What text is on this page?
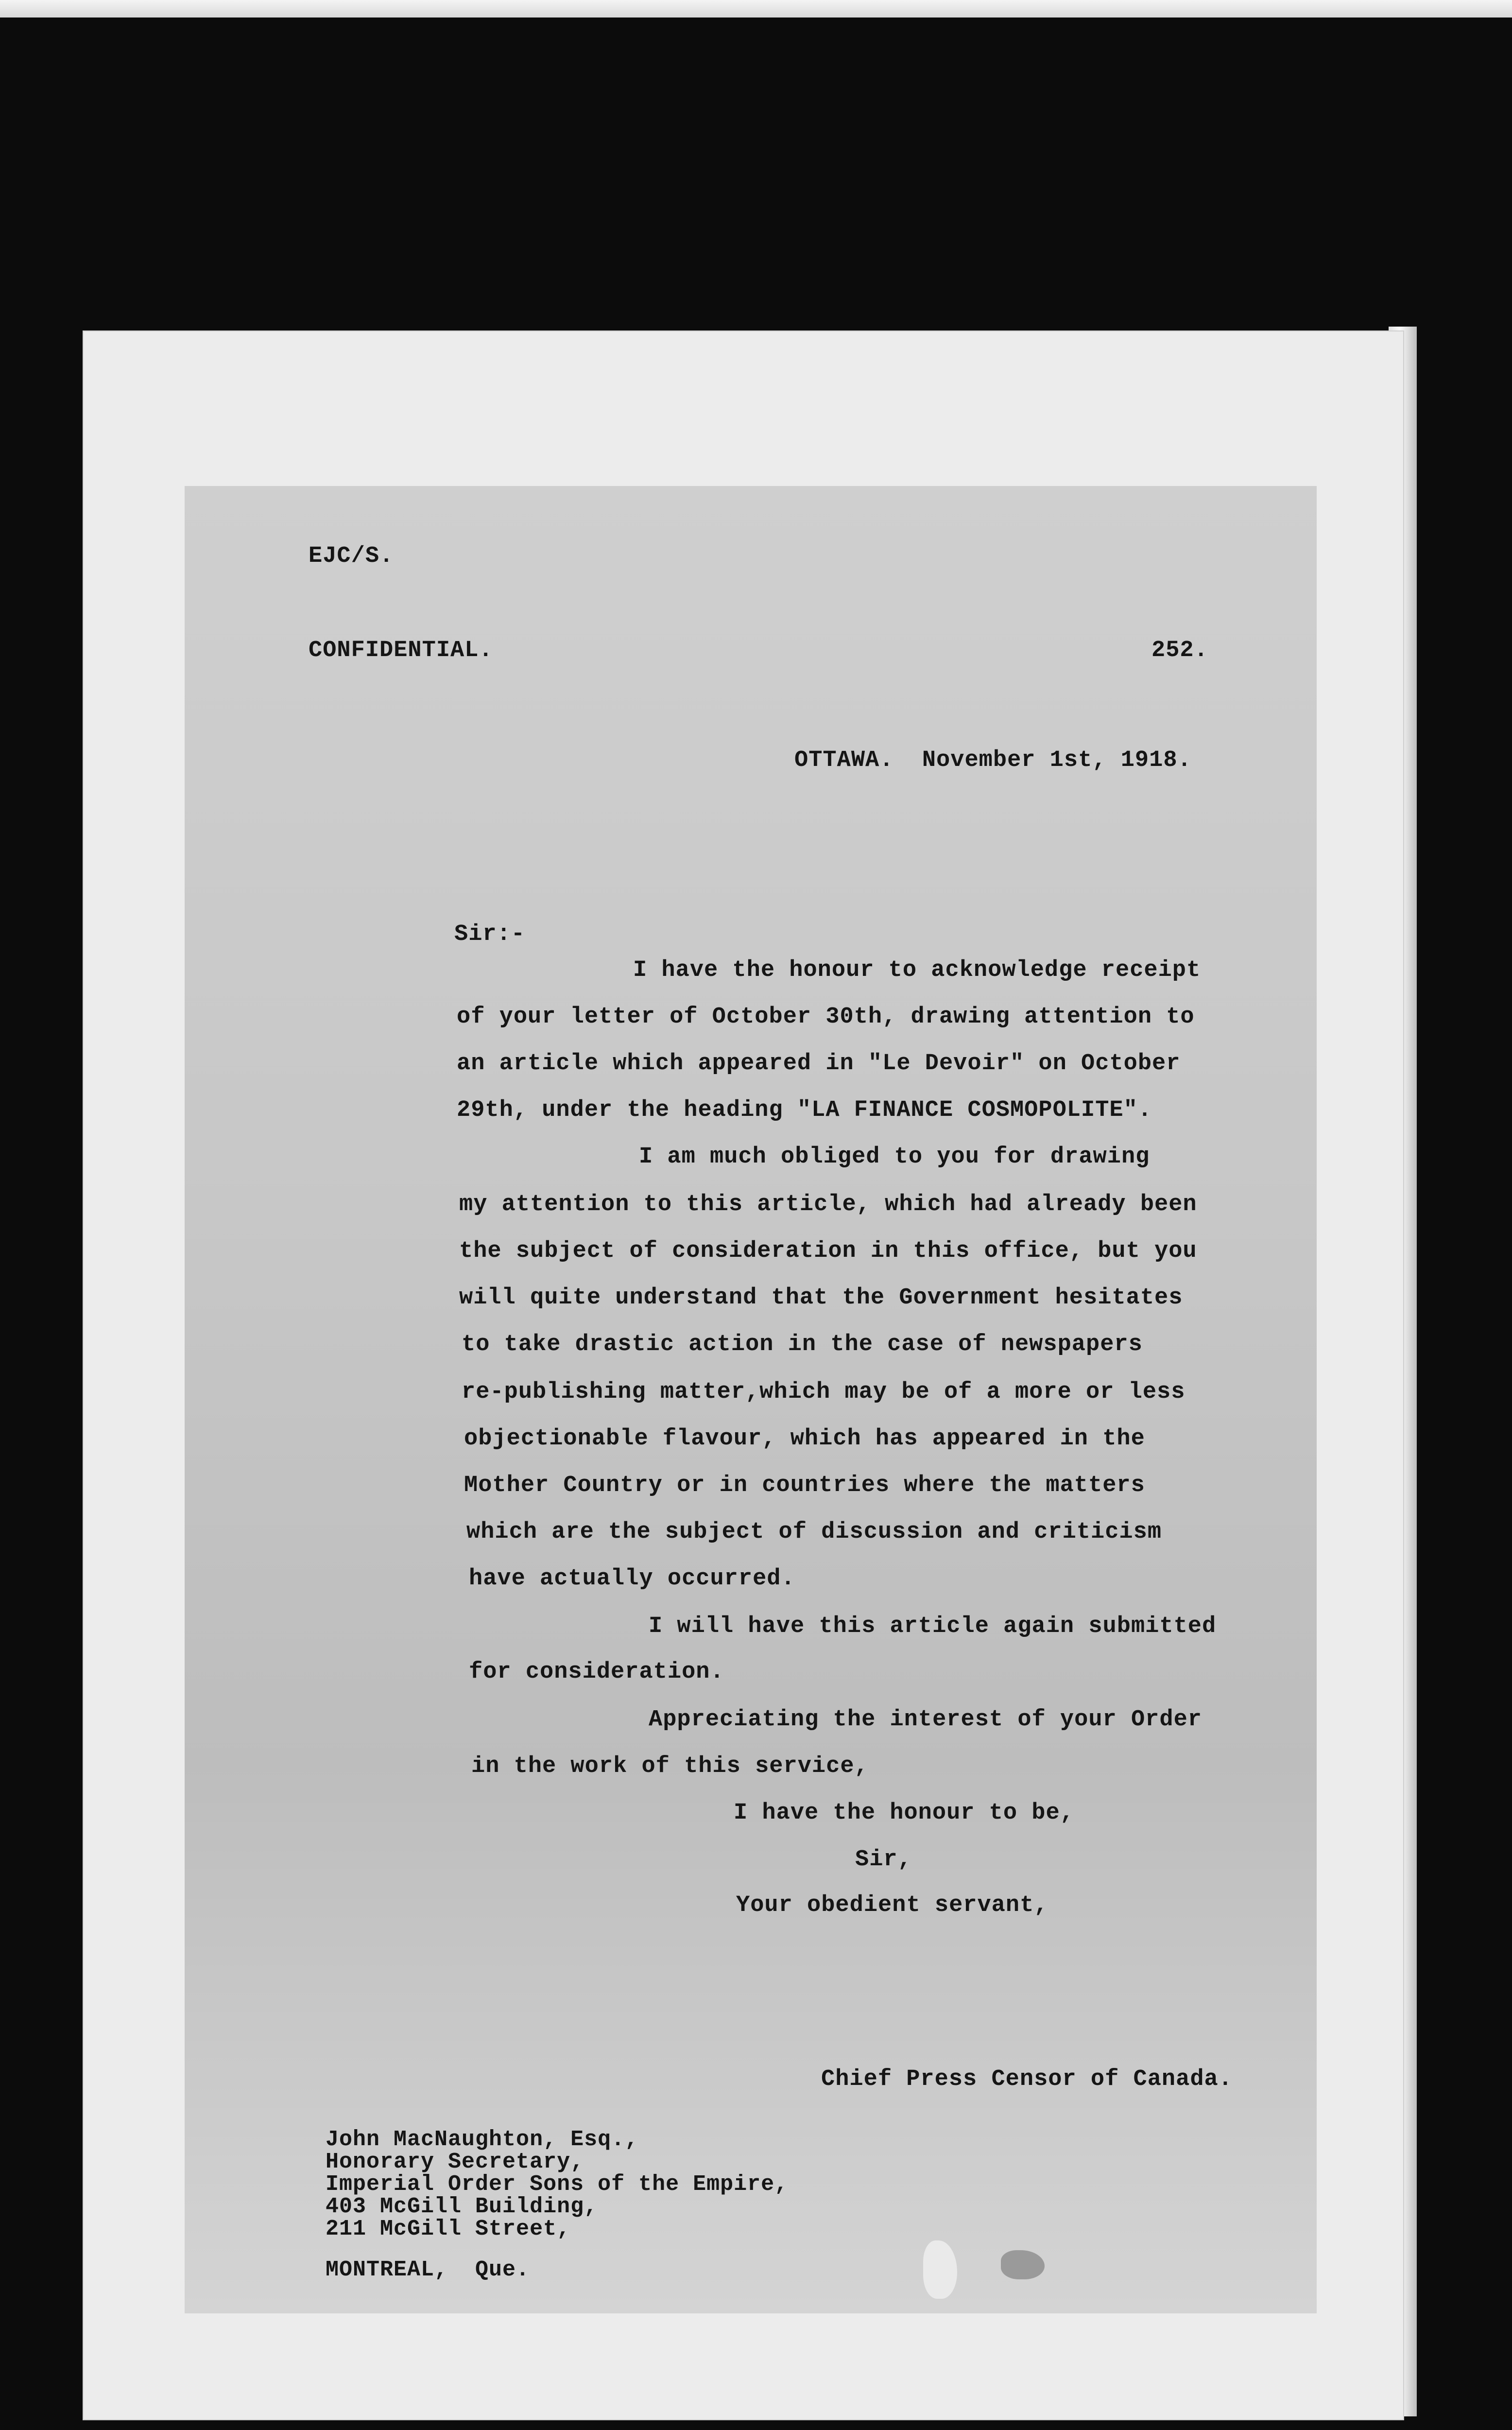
EJC/S.
CONFIDENTIAL.	252.
OTTAWA.  November 1st, 1918.
Sir:-
I have the honour to acknowledge receipt
of your letter of October 30th, drawing attention to
an article which appeared in "Le Devoir" on October
29th, under the heading "LA FINANCE COSMOPOLITE".
I am much obliged to you for drawing
my attention to this article, which had already been
the subject of consideration in this office, but you
will quite understand that the Government hesitates
to take drastic action in the case of newspapers
re-publishing matter,which may be of a more or less
objectionable flavour, which has appeared in the
Mother Country or in countries where the matters
which are the subject of discussion and criticism
have actually occurred.
I will have this article again submitted
for consideration.
Appreciating the interest of your Order
in the work of this service,
I have the honour to be,
Sir,
Your obedient servant,
Chief Press Censor of Canada.
John MacNaughton, Esq.,
Honorary Secretary,
Imperial Order Sons of the Empire,
403 McGill Building,
211 McGill Street,
MONTREAL,  Que.
